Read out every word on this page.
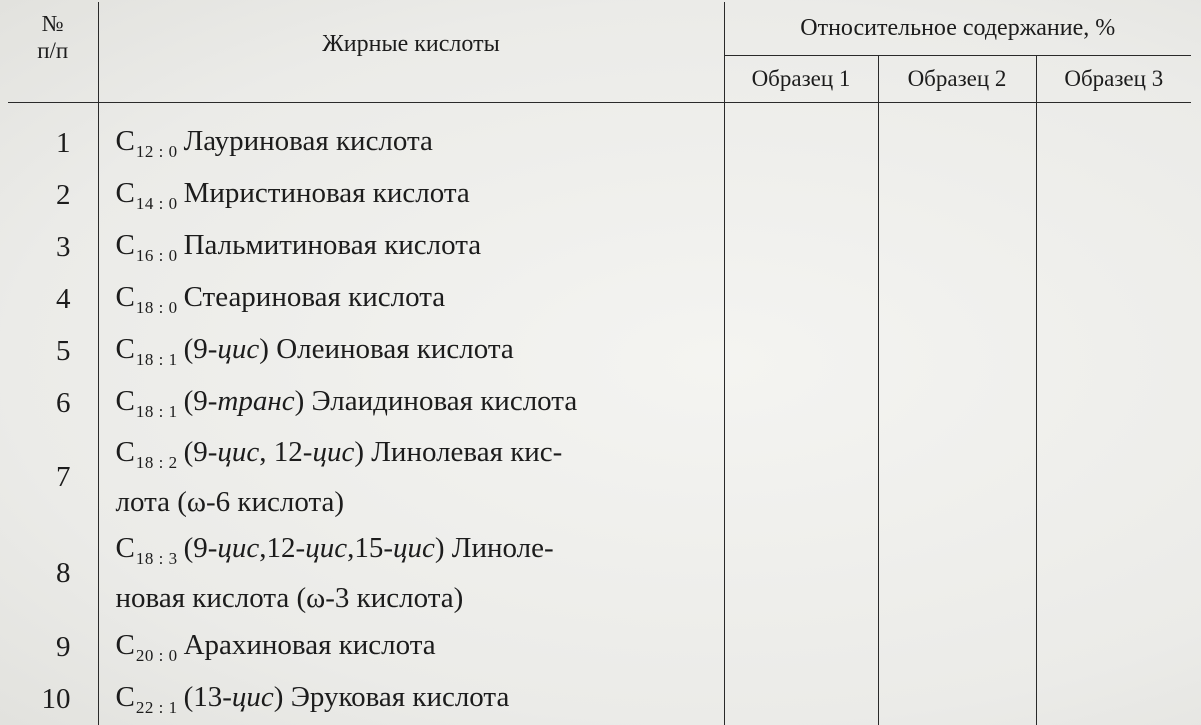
№
п/п	Жирные кислоты	Относительное содержание, %		
		Образец 1	Образец 2	Образец 3
1	$C_{12 : 0}$ Лауриновая кислота			
2	$C_{14 : 0}$ Миристиновая кислота			
3	$C_{16 : 0}$ Пальмитиновая кислота			
4	$C_{18 : 0}$ Стеариновая кислота			
5	$C_{18 : 1}$ (9-цис) Олеиновая кислота			
6	$C_{18 : 1}$ (9-транс) Элаидиновая кислота			
7	$C_{18 : 2}$ (9-цис, 12-цис) Линолевая кис-
лота (ω-6 кислота)			

8	$C_{18 : 3}$ (9-цис,12-цис,15-цис) Линоле-
новая кислота (ω-3 кислота)			

9	$C_{20 : 0}$ Арахиновая кислота			
10	$C_{22 : 1}$ (13-цис) Эруковая кислота			
